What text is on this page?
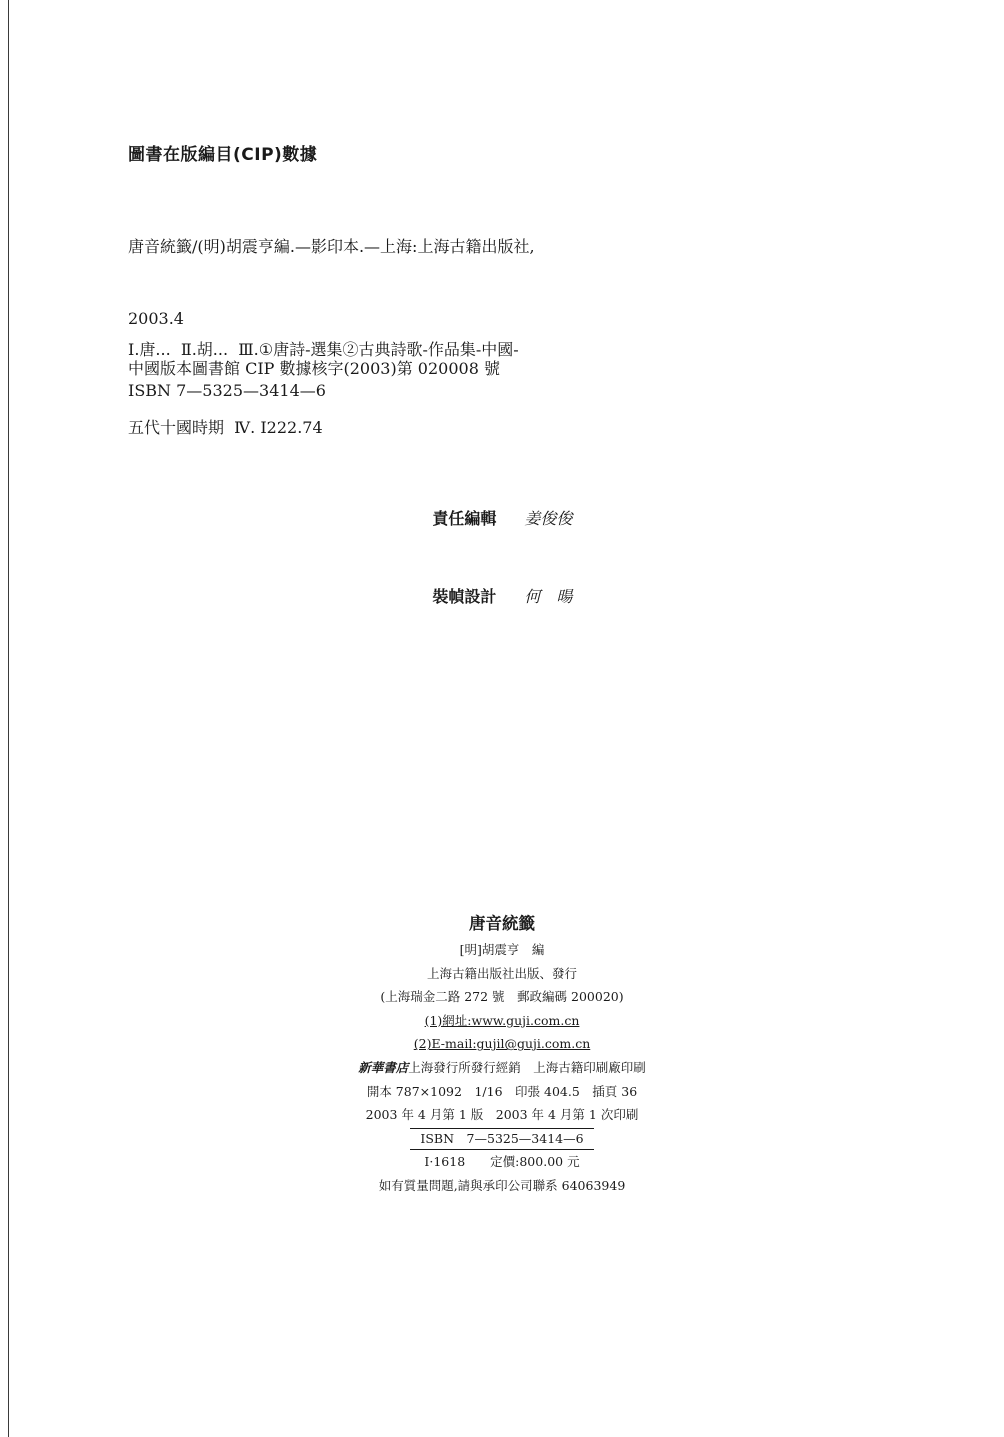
圖書在版編目(CIP)數據

唐音統籤/(明)胡震亨編.—影印本.—上海:上海古籍出版社,

2003.4

ISBN 7—5325—3414—6

Ⅰ.唐...  Ⅱ.胡...  Ⅲ.①唐詩-選集②古典詩歌-作品集-中國-

五代十國時期  Ⅳ. I222.74

中國版本圖書館 CIP 數據核字(2003)第 020008 號

責任編輯 姜俊俊

裝幀設計 何　暘

唐音統籤
[明]胡震亨　編
上海古籍出版社出版、發行
(上海瑞金二路 272 號　郵政編碼 200020)
(1)網址:www.guji.com.cn
(2)E-mail:gujil@guji.com.cn
新華書店上海發行所發行經銷　上海古籍印刷廠印刷
開本 787×1092　1/16　印張 404.5　插頁 36
2003 年 4 月第 1 版　2003 年 4 月第 1 次印刷
ISBN　7—5325—3414—6
I·1618　　定價:800.00 元
如有質量問題,請與承印公司聯系 64063949
